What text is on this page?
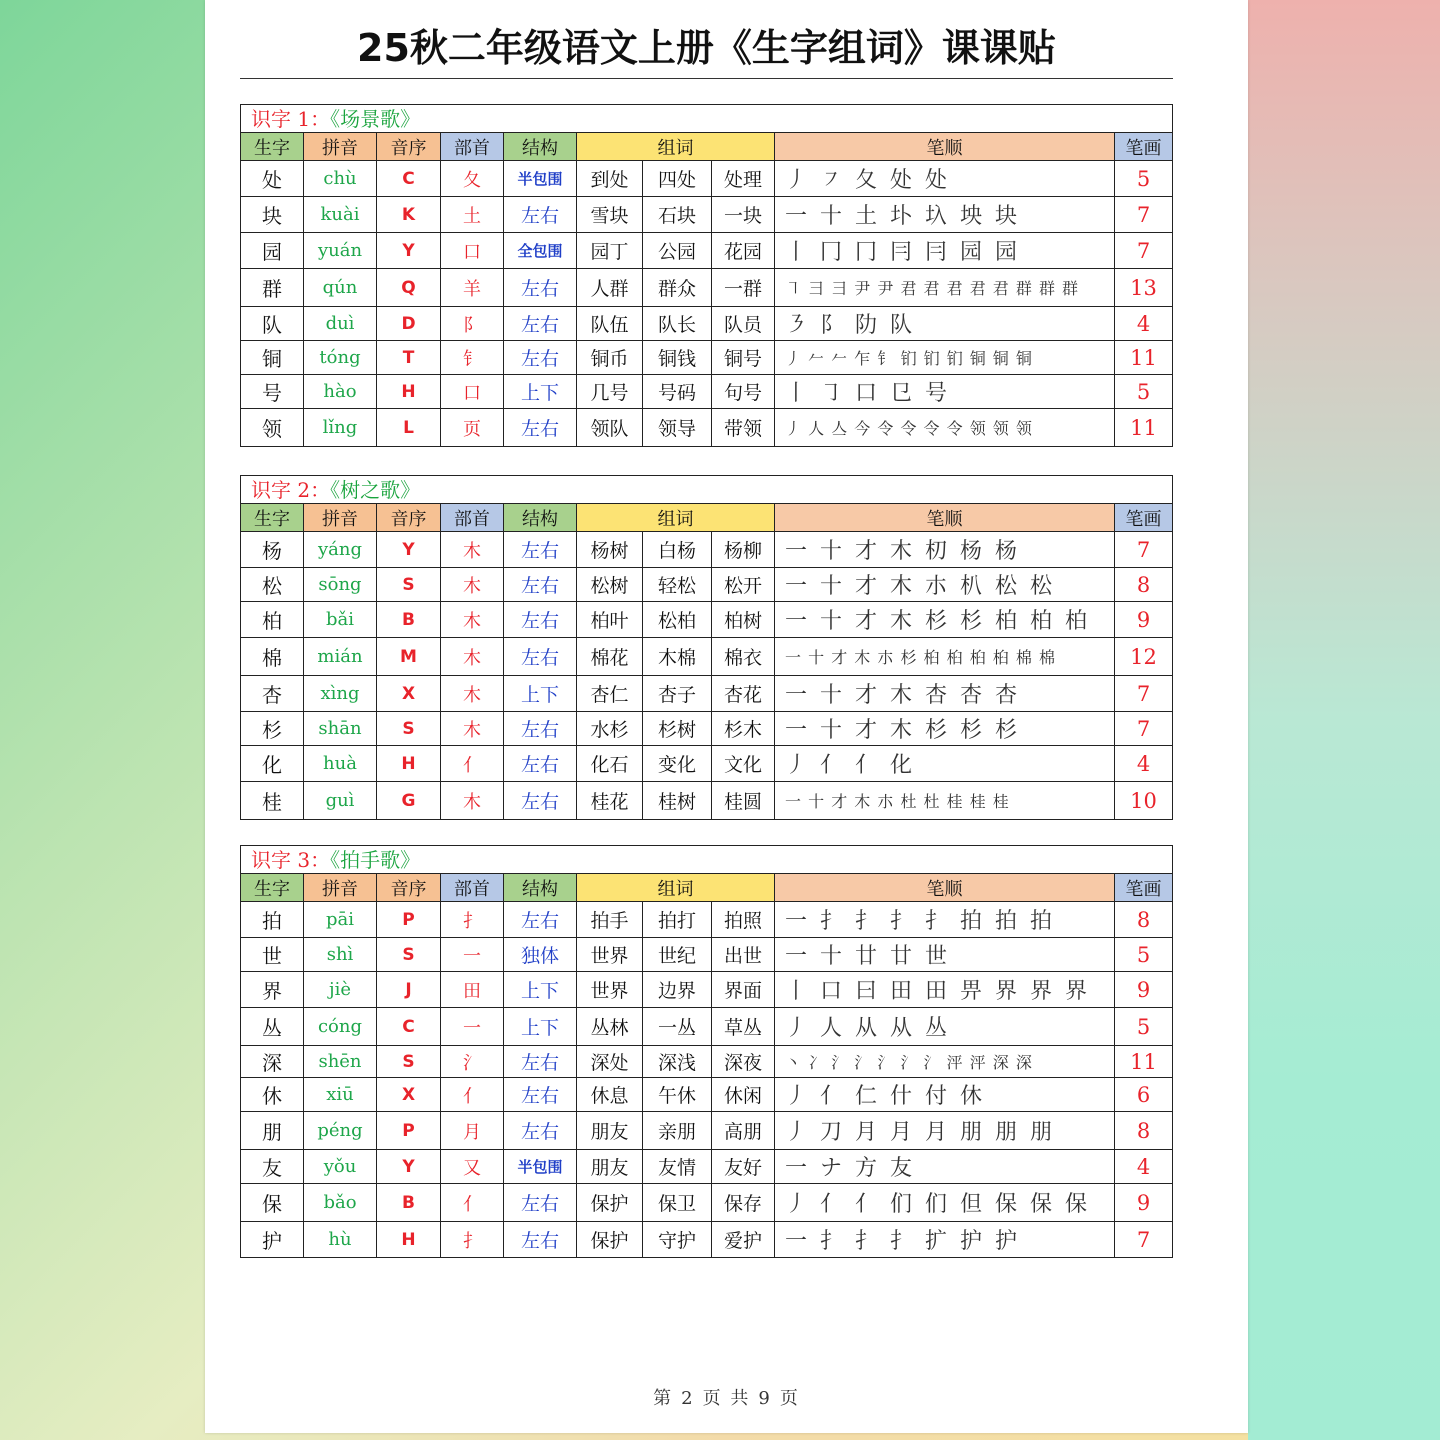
25秋二年级语文上册《生字组词》课课贴
识字 1：《场景歌》
生字	拼音	音序	部首	结构	组词			笔顺	笔画
处	chù	C	夂	半包围	到处	四处	处理	丿 ㇇ 夂 处 处	5
块	kuài	K	土	左右	雪块	石块	一块	一 十 土 圤 圦 坱 块	7
园	yuán	Y	口	全包围	园丁	公园	花园	丨 冂 冂 冃 冃 园 园	7
群	qún	Q	羊	左右	人群	群众	一群	㇕ ⺕ 彐 尹 尹 君 君 君 君 君 群 群 群	13
队	duì	D	阝	左右	队伍	队长	队员	㇋ 阝 阞 队	4
铜	tóng	T	钅	左右	铜币	铜钱	铜号	丿 𠂉 𠂉 乍 钅 钔 钔 钔 铜 铜 铜	11
号	hào	H	口	上下	几号	号码	句号	丨 ㇆ 口 㔾 号	5
领	lǐng	L	页	左右	领队	领导	带领	丿 人 亼 今 令 令 令 令 领 领 领	11
识字 2：《树之歌》
生字	拼音	音序	部首	结构	组词			笔顺	笔画
杨	yáng	Y	木	左右	杨树	白杨	杨柳	一 十 才 木 朷 杨 杨	7
松	sōng	S	木	左右	松树	轻松	松开	一 十 才 木 朩 朳 松 松	8
柏	bǎi	B	木	左右	柏叶	松柏	柏树	一 十 才 木 杉 杉 柏 柏 柏	9
棉	mián	M	木	左右	棉花	木棉	棉衣	一 十 才 木 朩 杉 桕 桕 桕 桕 棉 棉	12
杏	xìng	X	木	上下	杏仁	杏子	杏花	一 十 才 木 杏 杏 杏	7
杉	shān	S	木	左右	水杉	杉树	杉木	一 十 才 木 杉 杉 杉	7
化	huà	H	亻	左右	化石	变化	文化	丿 亻 亻 化	4
桂	guì	G	木	左右	桂花	桂树	桂圆	一 十 才 木 朩 杜 杜 桂 桂 桂	10
识字 3：《拍手歌》
生字	拼音	音序	部首	结构	组词			笔顺	笔画
拍	pāi	P	扌	左右	拍手	拍打	拍照	一 扌 扌 扌 扌 拍 拍 拍	8
世	shì	S	一	独体	世界	世纪	出世	一 十 廿 廿 世	5
界	jiè	J	田	上下	世界	边界	界面	丨 口 曰 田 田 畀 界 界 界	9
丛	cóng	C	一	上下	丛林	一丛	草丛	丿 人 从 从 丛	5
深	shēn	S	氵	左右	深处	深浅	深夜	丶 冫 氵 氵 氵 氵 氵 泙 泙 深 深	11
休	xiū	X	亻	左右	休息	午休	休闲	丿 亻 仁 什 付 休	6
朋	péng	P	月	左右	朋友	亲朋	高朋	丿 刀 月 月 月 朋 朋 朋	8
友	yǒu	Y	又	半包围	朋友	友情	友好	一 ナ 方 友	4
保	bǎo	B	亻	左右	保护	保卫	保存	丿 亻 亻 们 们 但 保 保 保	9
护	hù	H	扌	左右	保护	守护	爱护	一 扌 扌 扌 扩 护 护	7
第 2 页 共 9 页
